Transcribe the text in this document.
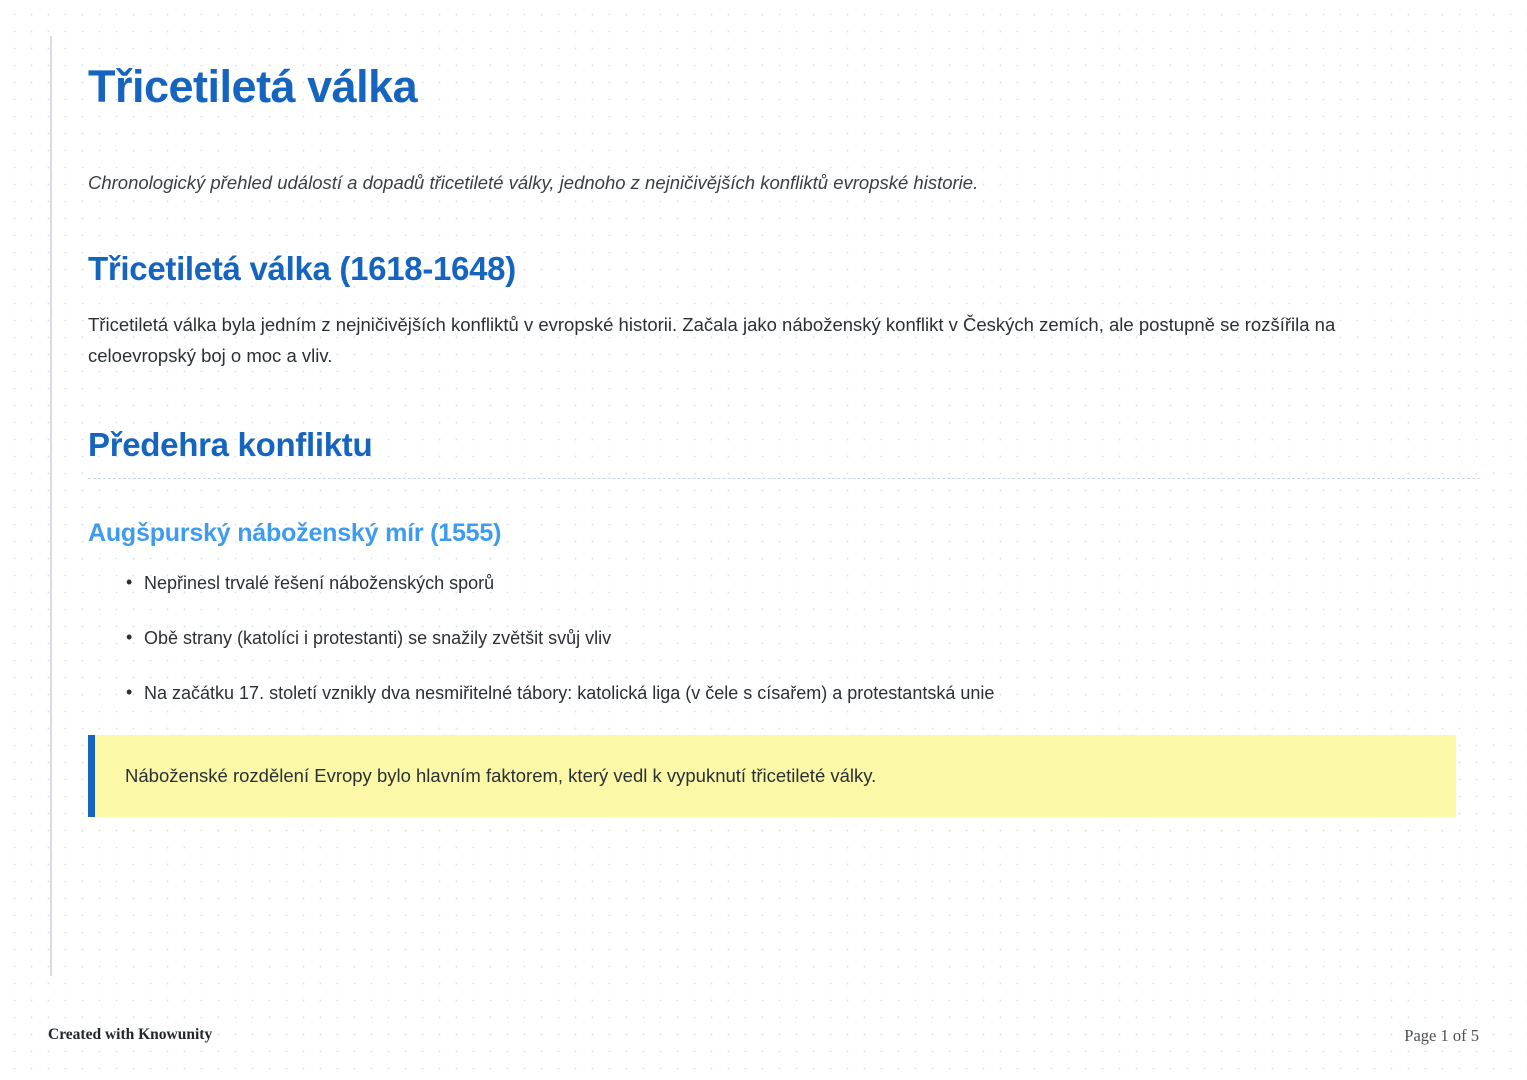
Třicetiletá válka

Chronologický přehled událostí a dopadů třicetileté války, jednoho z nejničivějších konfliktů evropské historie.

Třicetiletá válka (1618-1648)

Třicetiletá válka byla jedním z nejničivějších konfliktů v evropské historii. Začala jako náboženský konflikt v Českých zemích, ale postupně se rozšířila na celoevropský boj o moc a vliv.

Předehra konfliktu
Augšpurský náboženský mír (1555)
• Nepřinesl trvalé řešení náboženských sporů
• Obě strany (katolíci i protestanti) se snažily zvětšit svůj vliv
• Na začátku 17. století vznikly dva nesmiřitelné tábory: katolická liga (v čele s císařem) a protestantská unie
Náboženské rozdělení Evropy bylo hlavním faktorem, který vedl k vypuknutí třicetileté války.
Created with Knowunity	Page 1 of 5
